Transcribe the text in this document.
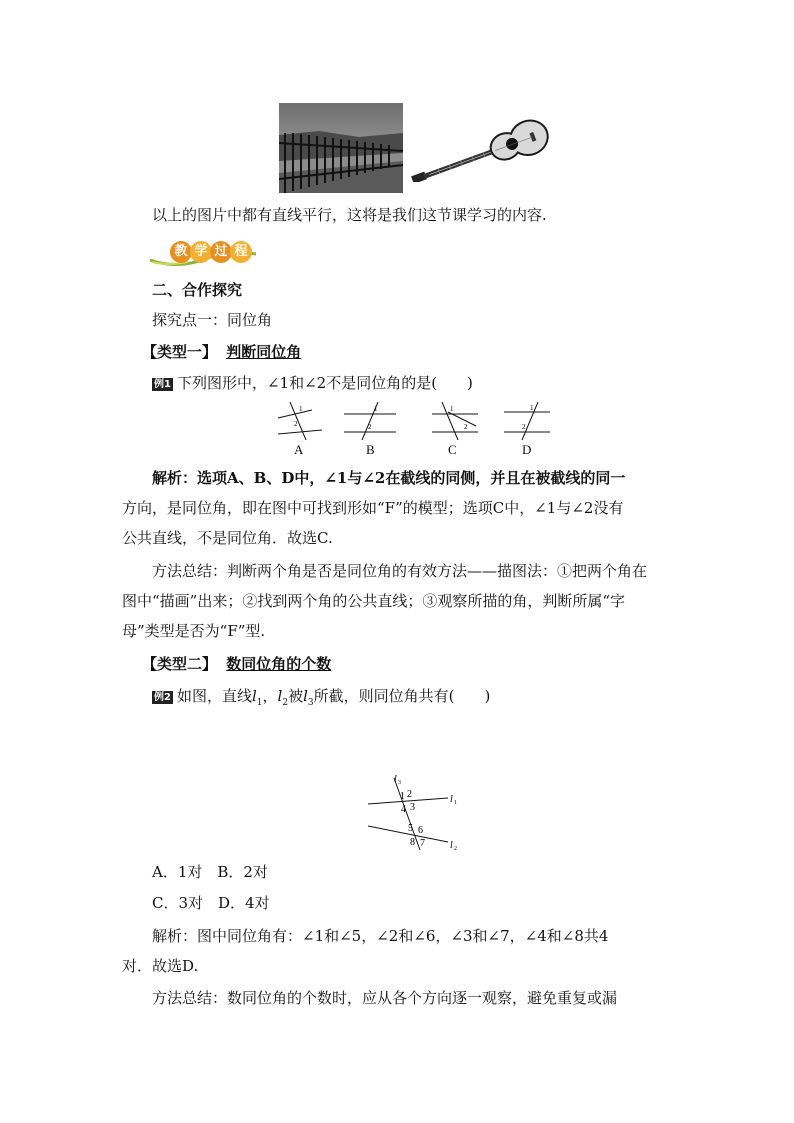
以上的图片中都有直线平行，这将是我们这节课学习的内容.
教 学 过 程
二、合作探究
探究点一：同位角
【类型一】 判断同位角
例1 下列图形中，∠1和∠2不是同位角的是(　　)
1
2
1
2
1
2
1
2
A	B	C	D
解析：选项A、B、D中，∠1与∠2在截线的同侧，并且在被截线的同一
方向，是同位角，即在图中可找到形如“F”的模型；选项C中，∠1与∠2没有
公共直线，不是同位角．故选C.
方法总结：判断两个角是否是同位角的有效方法——描图法：①把两个角在
图中“描画”出来；②找到两个角的公共直线；③观察所描的角，判断所属“字
母”类型是否为“F”型.
【类型二】 数同位角的个数
例2 如图，直线$l_1$，$l_2$被$l_3$所截，则同位角共有(　　)
l 3
l 1
l 2
1 2
3
4
5 6
7
8
A．1对　B．2对
C．3对　D．4对
解析：图中同位角有：∠1和∠5，∠2和∠6，∠3和∠7，∠4和∠8共4
对．故选D.
方法总结：数同位角的个数时，应从各个方向逐一观察，避免重复或漏
